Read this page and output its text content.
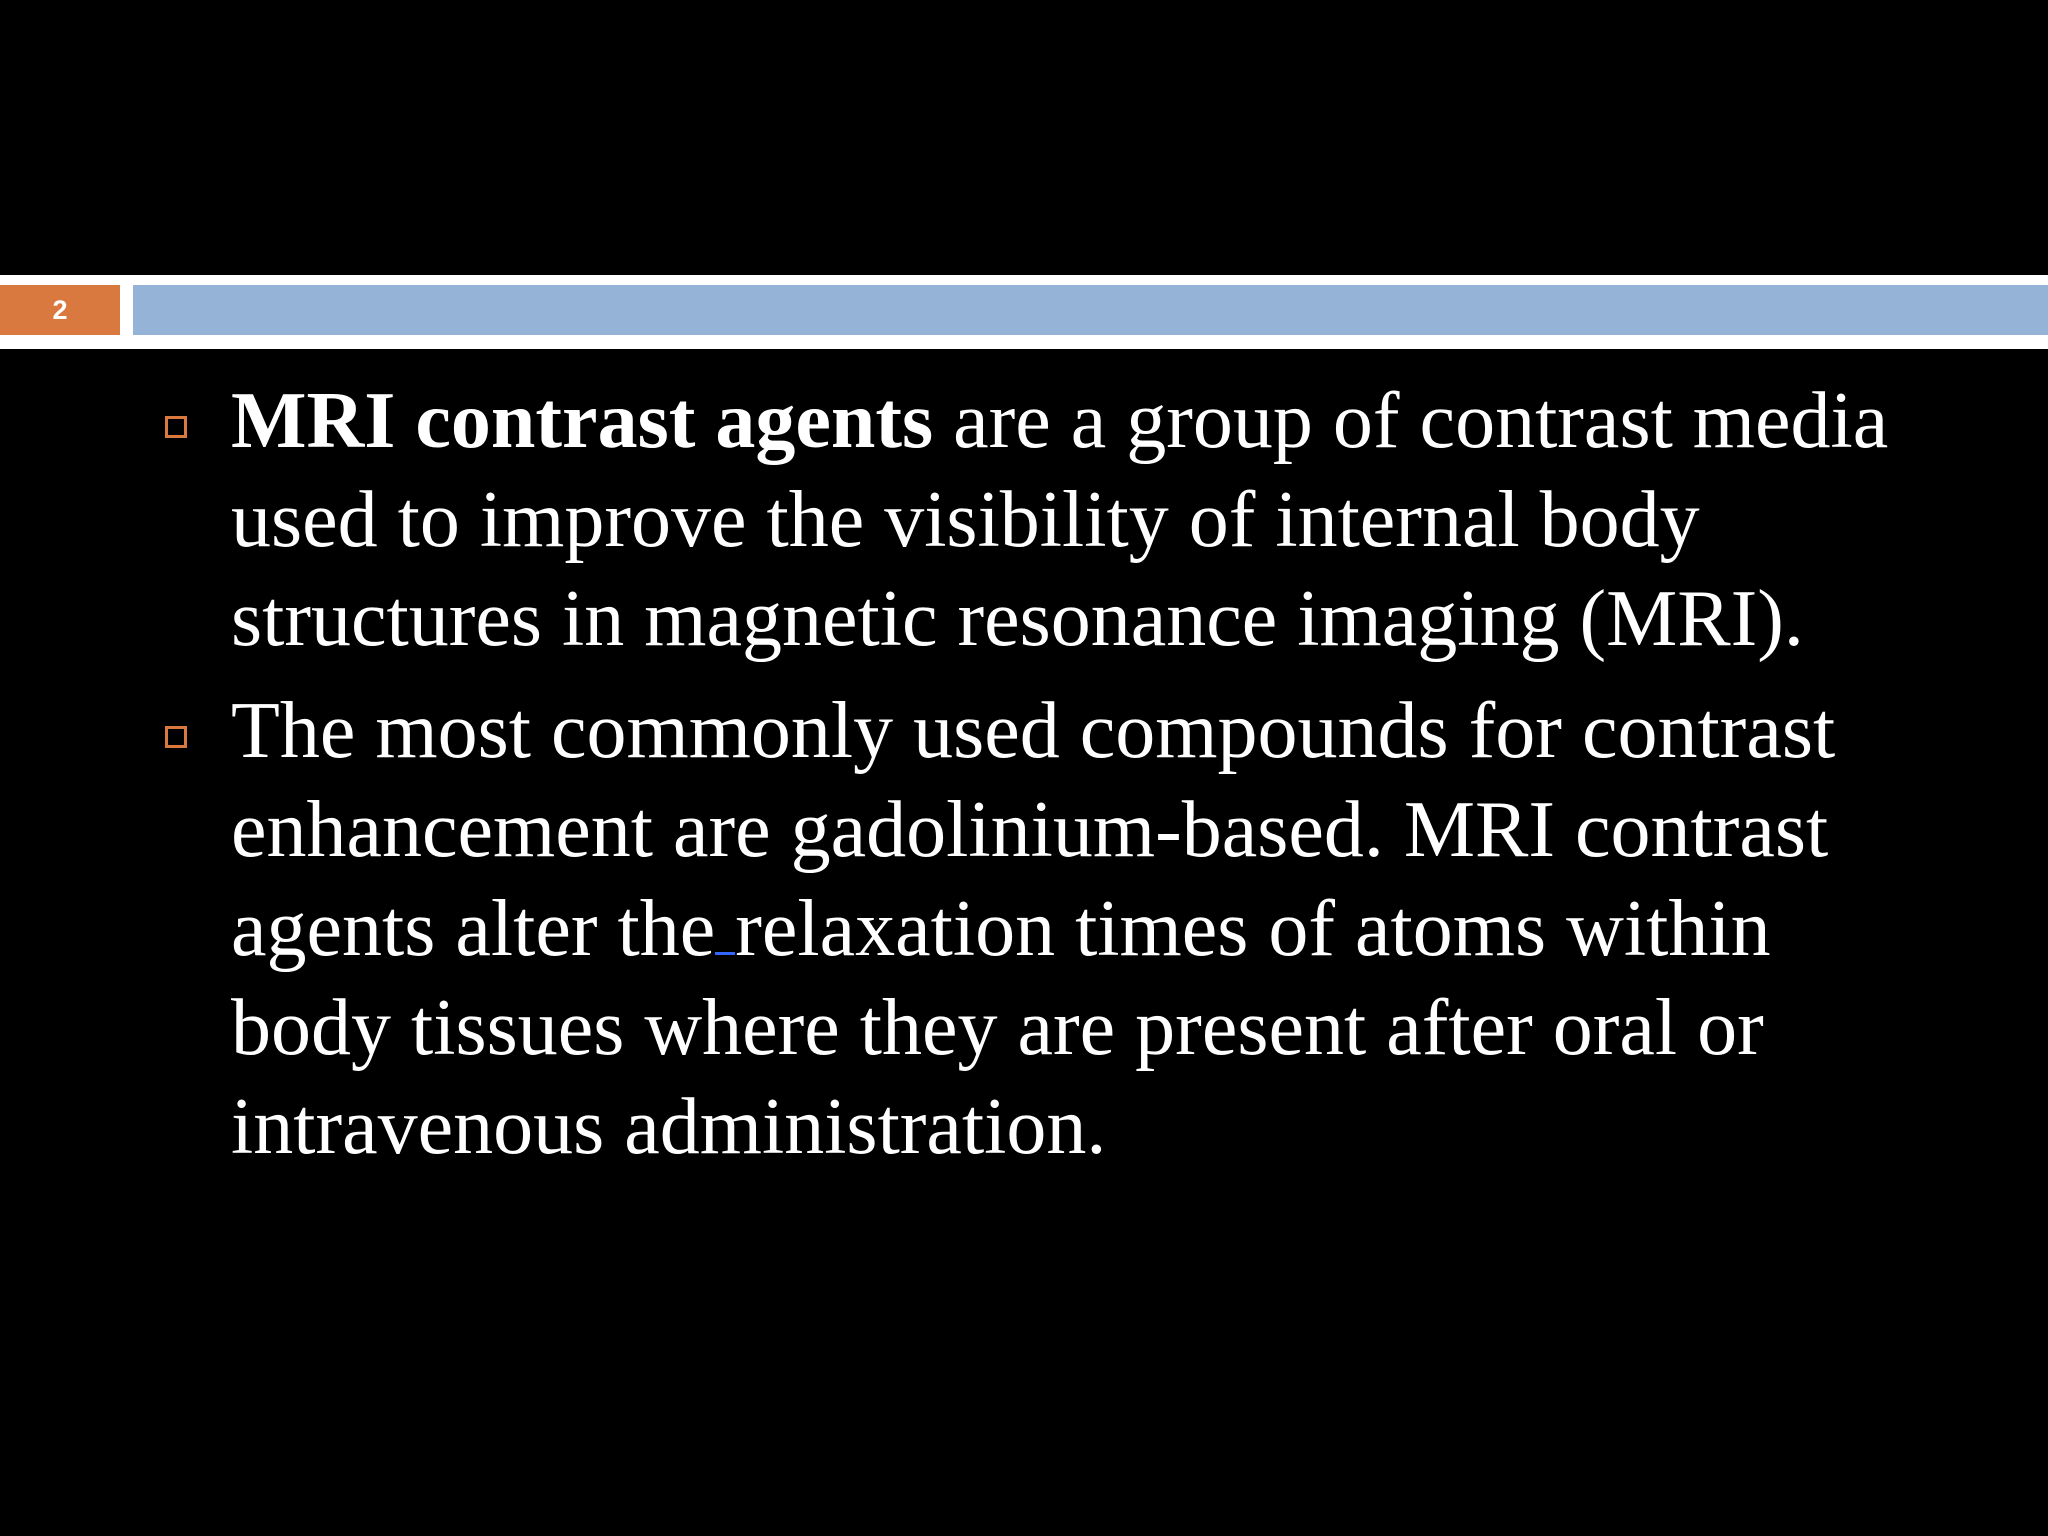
2
MRI contrast agents are a group of contrast media used to improve the visibility of internal body structures in magnetic resonance imaging (MRI).
The most commonly used compounds for contrast enhancement are gadolinium-based. MRI contrast agents alter the relaxation times of atoms within body tissues where they are present after oral or intravenous administration.
